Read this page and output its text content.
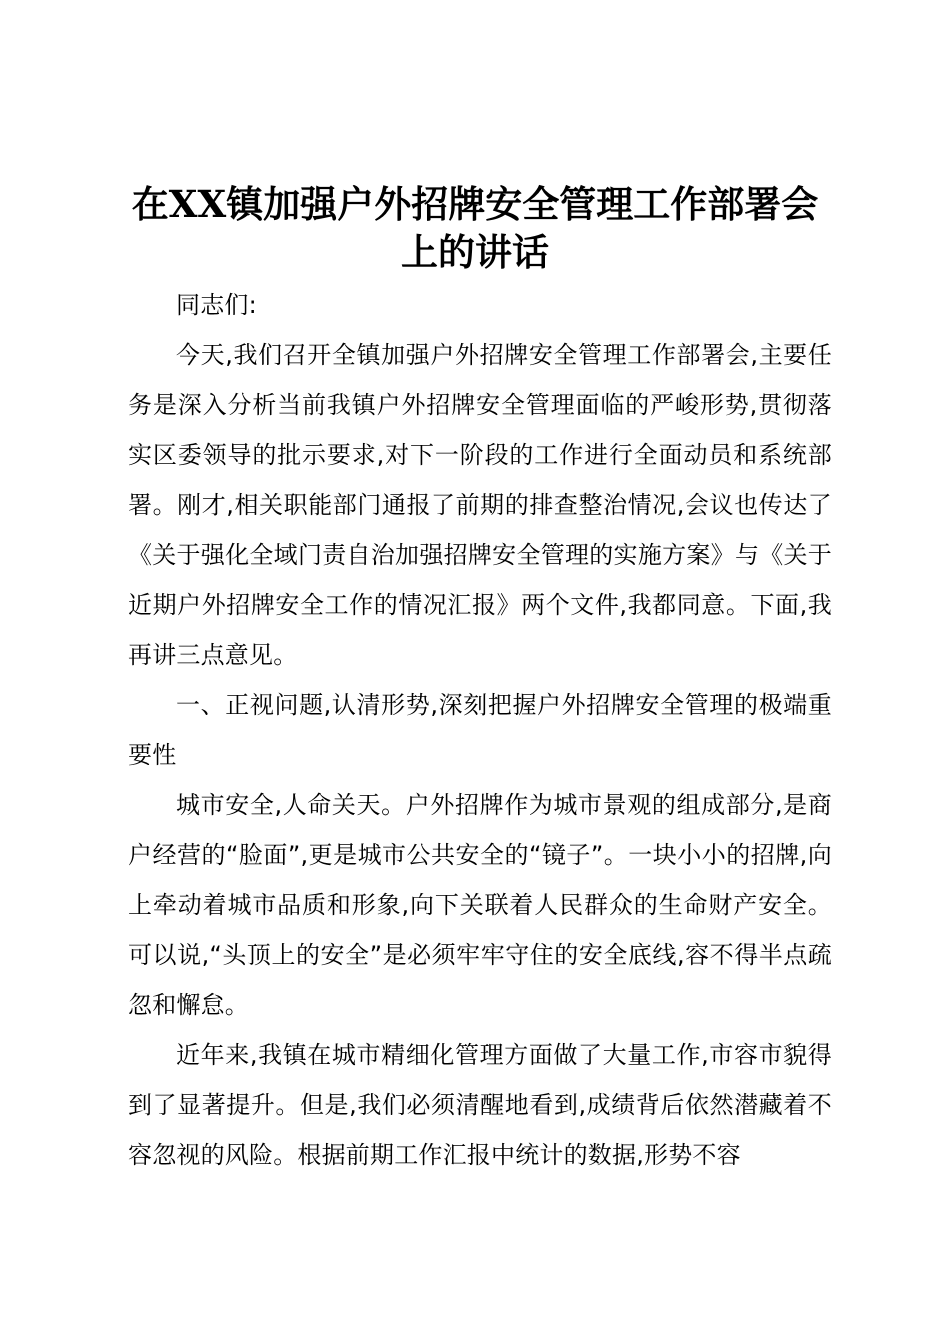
在XX镇加强户外招牌安全管理工作部署会上的讲话

同志们:

今天,我们召开全镇加强户外招牌安全管理工作部署会,主要任务是深入分析当前我镇户外招牌安全管理面临的严峻形势,贯彻落实区委领导的批示要求,对下一阶段的工作进行全面动员和系统部署。刚才,相关职能部门通报了前期的排查整治情况,会议也传达了《关于强化全域门责自治加强招牌安全管理的实施方案》与《关于近期户外招牌安全工作的情况汇报》两个文件,我都同意。下面,我再讲三点意见。

一、正视问题,认清形势,深刻把握户外招牌安全管理的极端重要性

城市安全,人命关天。户外招牌作为城市景观的组成部分,是商户经营的“脸面”,更是城市公共安全的“镜子”。一块小小的招牌,向上牵动着城市品质和形象,向下关联着人民群众的生命财产安全。可以说,“头顶上的安全”是必须牢牢守住的安全底线,容不得半点疏忽和懈怠。

近年来,我镇在城市精细化管理方面做了大量工作,市容市貌得到了显著提升。但是,我们必须清醒地看到,成绩背后依然潜藏着不容忽视的风险。根据前期工作汇报中统计的数据,形势不容
